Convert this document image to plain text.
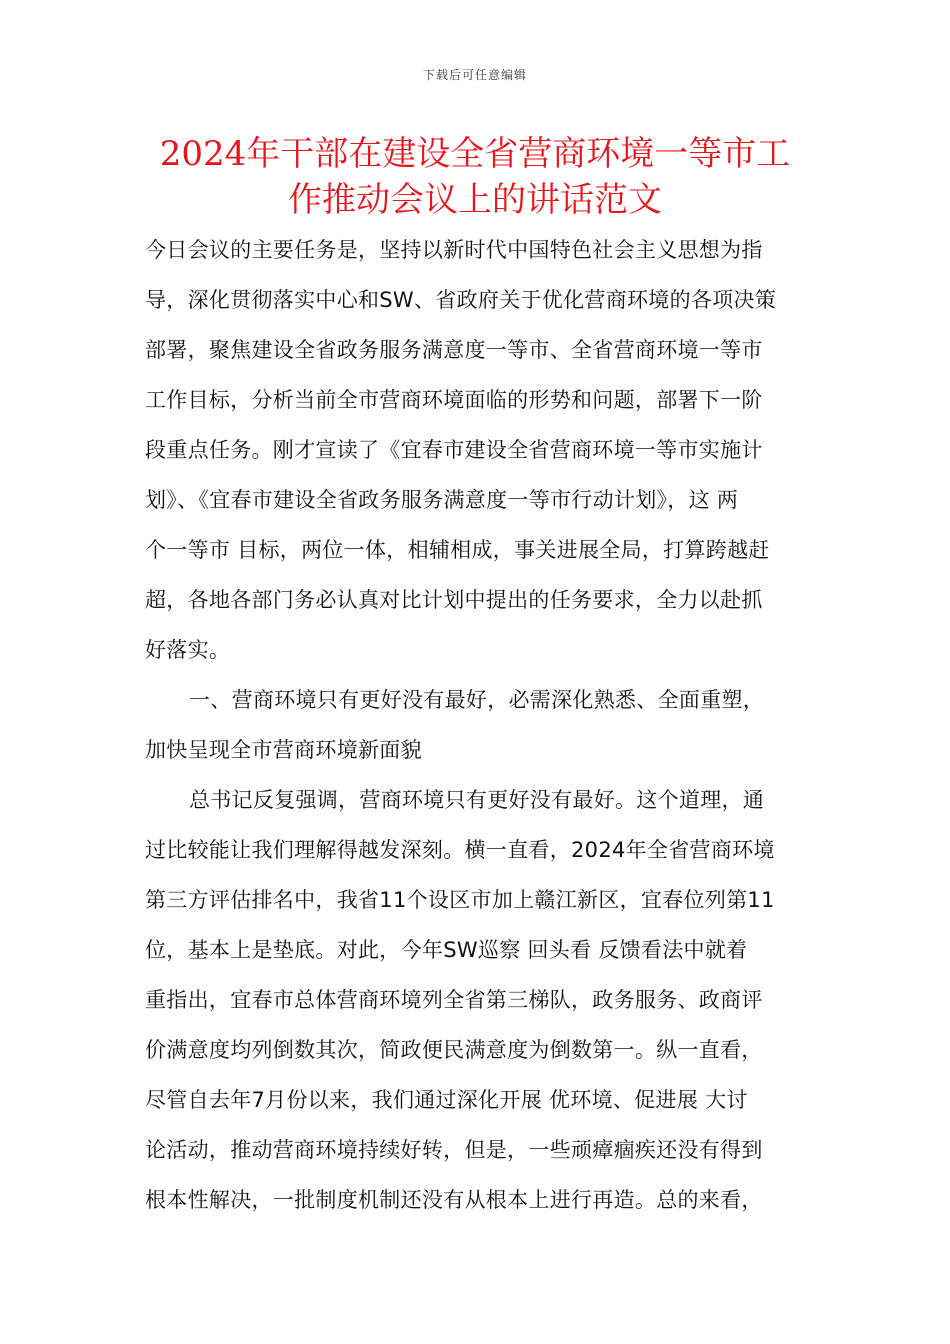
下载后可任意编辑
2024年干部在建设全省营商环境一等市工
作推动会议上的讲话范文
今日会议的主要任务是，坚持以新时代中国特色社会主义思想为指
导，深化贯彻落实中心和SW、省政府关于优化营商环境的各项决策
部署，聚焦建设全省政务服务满意度一等市、全省营商环境一等市
工作目标，分析当前全市营商环境面临的形势和问题，部署下一阶
段重点任务。刚才宣读了《宜春市建设全省营商环境一等市实施计
划》、《宜春市建设全省政务服务满意度一等市行动计划》，这 两
个一等市 目标，两位一体，相辅相成，事关进展全局，打算跨越赶
超，各地各部门务必认真对比计划中提出的任务要求，全力以赴抓
好落实。
一、营商环境只有更好没有最好，必需深化熟悉、全面重塑，
加快呈现全市营商环境新面貌
总书记反复强调，营商环境只有更好没有最好。这个道理，通
过比较能让我们理解得越发深刻。横一直看，2024年全省营商环境
第三方评估排名中，我省11个设区市加上赣江新区，宜春位列第11
位，基本上是垫底。对此，今年SW巡察 回头看 反馈看法中就着
重指出，宜春市总体营商环境列全省第三梯队，政务服务、政商评
价满意度均列倒数其次，简政便民满意度为倒数第一。纵一直看，
尽管自去年7月份以来，我们通过深化开展 优环境、促进展 大讨
论活动，推动营商环境持续好转，但是，一些顽瘴痼疾还没有得到
根本性解决，一批制度机制还没有从根本上进行再造。总的来看，
